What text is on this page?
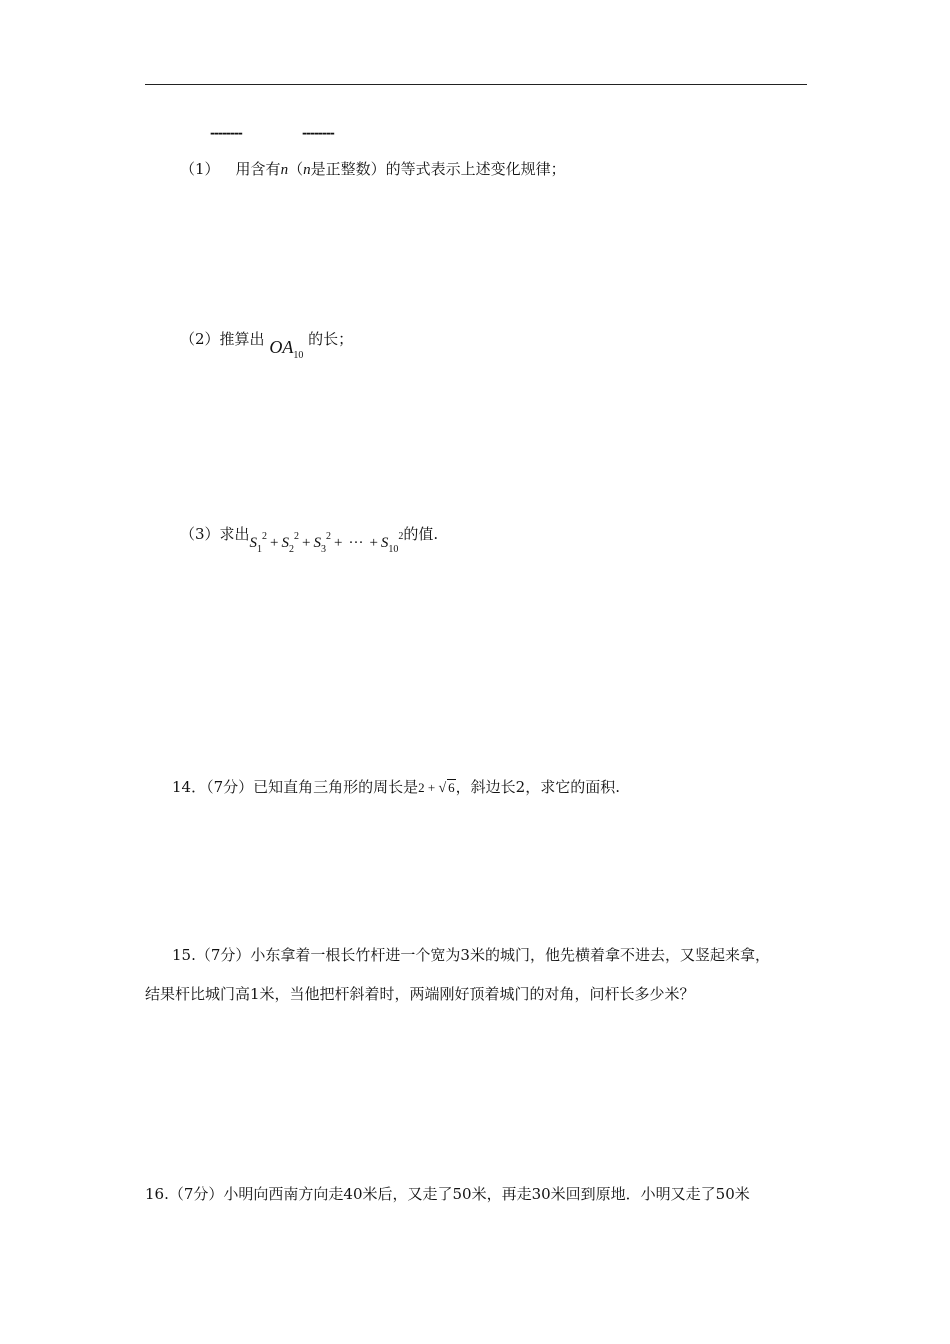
--------	--------
（1） 用含有n（n是正整数）的等式表示上述变化规律；
（2）推算出 $OA_{10}$ 的长；
（3）求出$S_1^2 + S_2^2 + S_3^2$ + ··· + $S_{10}^2$的值.
14．（7分）已知直角三角形的周长是2 + √ 6，斜边长2，求它的面积.
15.（7分）小东拿着一根长竹杆进一个宽为3米的城门，他先横着拿不进去，又竖起来拿，
结果杆比城门高1米，当他把杆斜着时，两端刚好顶着城门的对角，问杆长多少米？
16.（7分）小明向西南方向走40米后，又走了50米，再走30米回到原地．小明又走了50米
